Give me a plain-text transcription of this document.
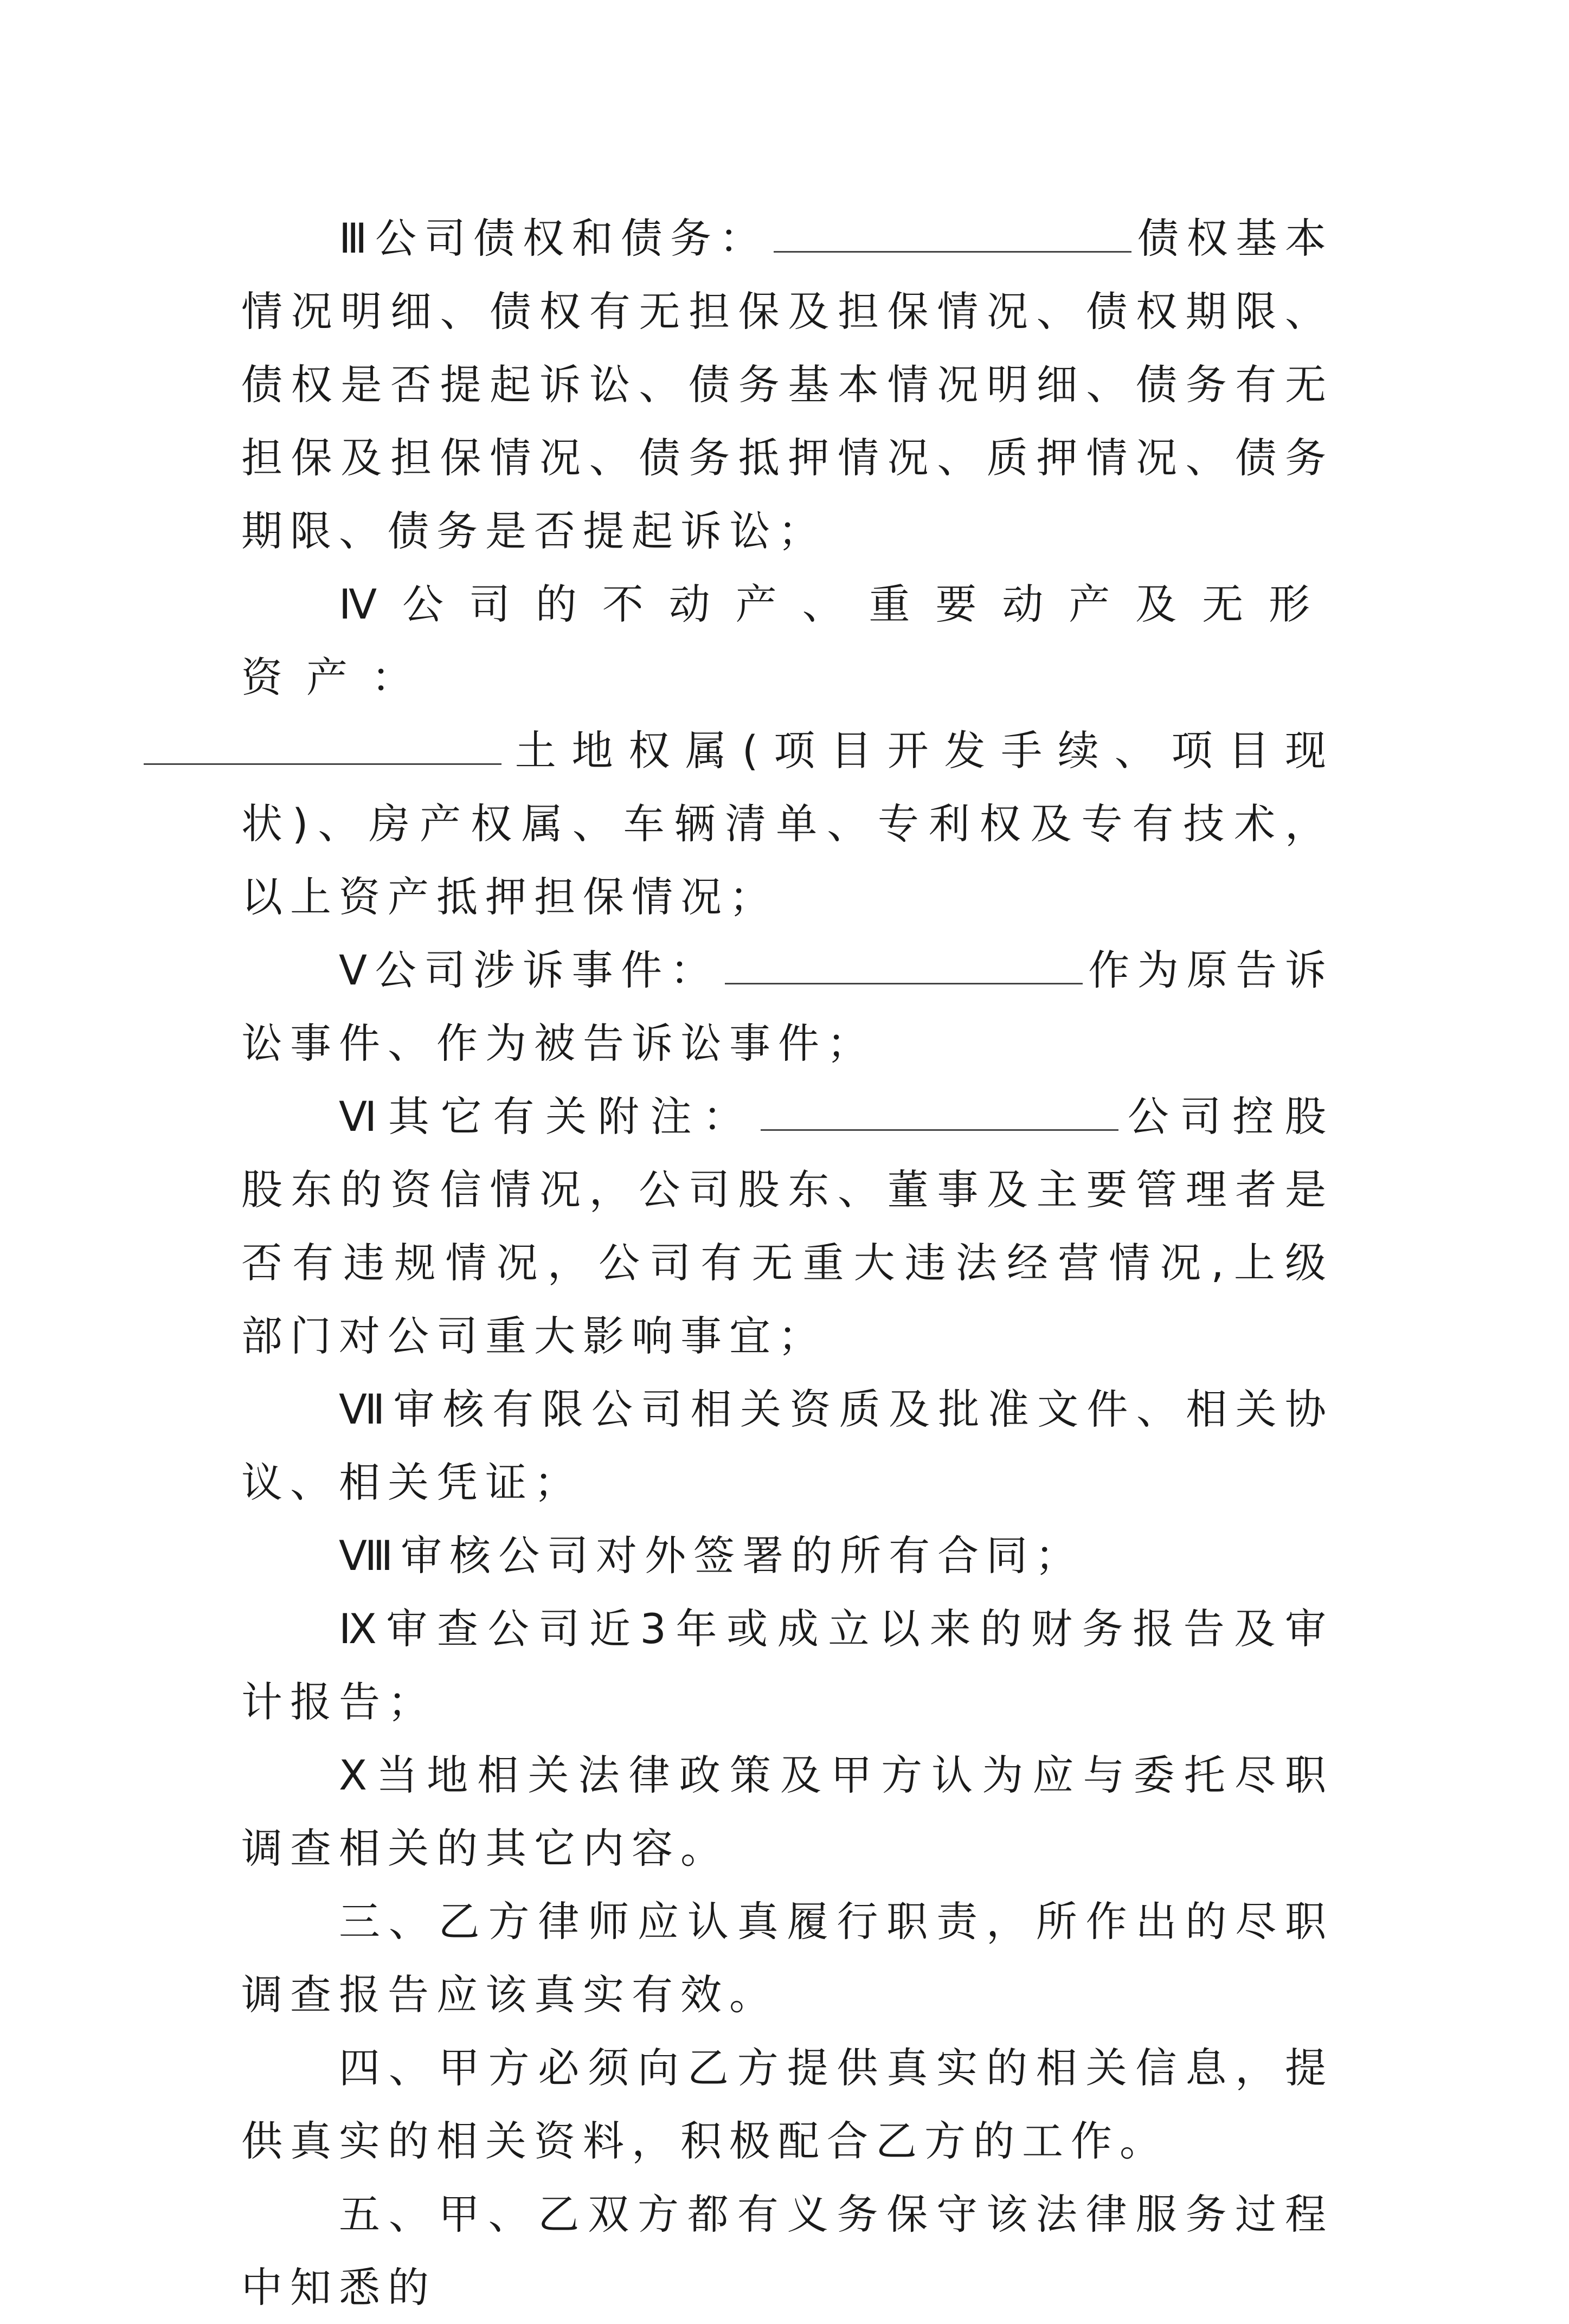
Ⅲ公司债权和债务：	债权基本情况明细、债权有无担保及担保情况、债权期限、债权是否提起诉讼、债务基本情况明细、债务有无担保及担保情况、债务抵押情况、质押情况、债务期限、债务是否提起诉讼；

Ⅳ公司的不动产、重要动产及无形资产：
土地权属(项目开发手续、项目现状)、房产权属、车辆清单、专利权及专有技术，以上资产抵押担保情况；

Ⅴ公司涉诉事件：	作为原告诉讼事件、作为被告诉讼事件；

Ⅵ其它有关附注：	公司控股股东的资信情况，公司股东、董事及主要管理者是否有违规情况，公司有无重大违法经营情况,上级部门对公司重大影响事宜；

Ⅶ审核有限公司相关资质及批准文件、相关协议、相关凭证；

Ⅷ审核公司对外签署的所有合同；

Ⅸ审查公司近3年或成立以来的财务报告及审计报告；

Ⅹ当地相关法律政策及甲方认为应与委托尽职调查相关的其它内容。

三、乙方律师应认真履行职责，所作出的尽职调查报告应该真实有效。

四、甲方必须向乙方提供真实的相关信息，提供真实的相关资料，积极配合乙方的工作。

五、甲、乙双方都有义务保守该法律服务过程中知悉的
